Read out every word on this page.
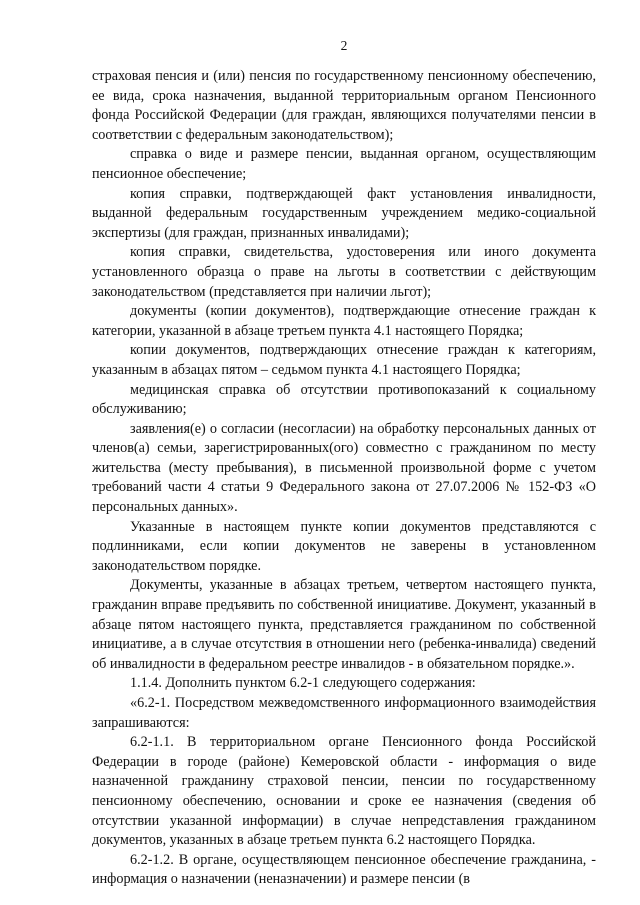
2

страховая пенсия и (или) пенсия по государственному пенсионному обеспечению, ее вида, срока назначения, выданной территориальным органом Пенсионного фонда Российской Федерации (для граждан, являющихся получателями пенсии в соответствии с федеральным законодательством);

справка о виде и размере пенсии, выданная органом, осуществляющим пенсионное обеспечение;

копия справки, подтверждающей факт установления инвалидности, выданной федеральным государственным учреждением медико-социальной экспертизы (для граждан, признанных инвалидами);

копия справки, свидетельства, удостоверения или иного документа установленного образца о праве на льготы в соответствии с действующим законодательством (представляется при наличии льгот);

документы (копии документов), подтверждающие отнесение граждан к категории, указанной в абзаце третьем пункта 4.1 настоящего Порядка;

копии документов, подтверждающих отнесение граждан к категориям, указанным в абзацах пятом – седьмом пункта 4.1 настоящего Порядка;

медицинская справка об отсутствии противопоказаний к социальному обслуживанию;

заявления(е) о согласии (несогласии) на обработку персональных данных от членов(а) семьи, зарегистрированных(ого) совместно с гражданином по месту жительства (месту пребывания), в письменной произвольной форме с учетом требований части 4 статьи 9 Федерального закона от 27.07.2006 № 152-ФЗ «О персональных данных».

Указанные в настоящем пункте копии документов представляются с подлинниками, если копии документов не заверены в установленном законодательством порядке.

Документы, указанные в абзацах третьем, четвертом настоящего пункта, гражданин вправе предъявить по собственной инициативе. Документ, указанный в абзаце пятом настоящего пункта, представляется гражданином по собственной инициативе, а в случае отсутствия в отношении него (ребенка-инвалида) сведений об инвалидности в федеральном реестре инвалидов - в обязательном порядке.».

1.1.4. Дополнить пунктом 6.2-1 следующего содержания:

«6.2-1. Посредством межведомственного информационного взаимодействия запрашиваются:

6.2-1.1. В территориальном органе Пенсионного фонда Российской Федерации в городе (районе) Кемеровской области - информация о виде назначенной гражданину страховой пенсии, пенсии по государственному пенсионному обеспечению, основании и сроке ее назначения (сведения об отсутствии указанной информации) в случае непредставления гражданином документов, указанных в абзаце третьем пункта 6.2 настоящего Порядка.

6.2-1.2. В органе, осуществляющем пенсионное обеспечение гражданина, - информация о назначении (неназначении) и размере пенсии (в
